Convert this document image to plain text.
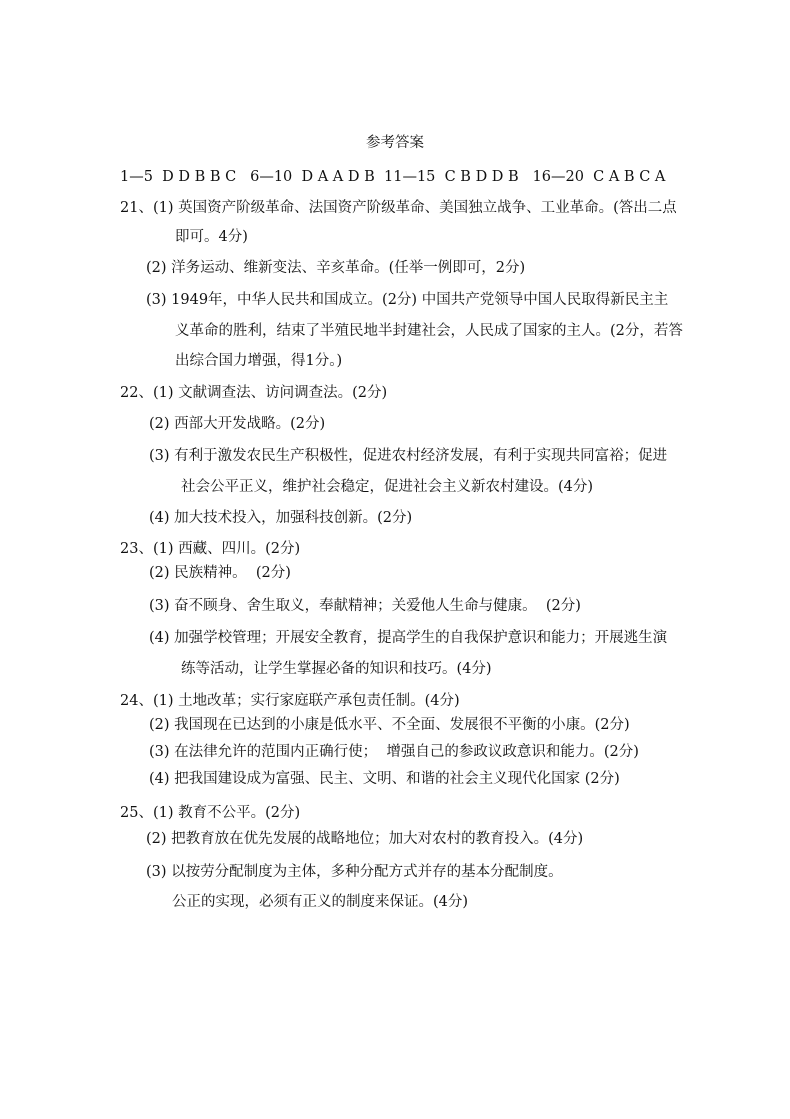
参考答案
1—5  D D B B C   6—10  D A A D B  11—15  C B D D B   16—20  C A B C A
21、(1) 英国资产阶级革命、法国资产阶级革命、美国独立战争、工业革命。(答出二点
即可。4分)
(2) 洋务运动、维新变法、辛亥革命。(任举一例即可，2分)
(3) 1949年，中华人民共和国成立。(2分) 中国共产党领导中国人民取得新民主主
义革命的胜利，结束了半殖民地半封建社会，人民成了国家的主人。(2分，若答
出综合国力增强，得1分。)
22、(1) 文献调查法、访问调查法。(2分)
(2) 西部大开发战略。(2分)
(3) 有利于激发农民生产积极性，促进农村经济发展，有利于实现共同富裕；促进
社会公平正义，维护社会稳定，促进社会主义新农村建设。(4分)
(4) 加大技术投入，加强科技创新。(2分)
23、(1) 西藏、四川。(2分)
(2) 民族精神。  (2分)
(3) 奋不顾身、舍生取义，奉献精神；关爱他人生命与健康。  (2分)
(4) 加强学校管理；开展安全教育，提高学生的自我保护意识和能力；开展逃生演
练等活动，让学生掌握必备的知识和技巧。(4分)
24、(1) 土地改革；实行家庭联产承包责任制。(4分)
(2) 我国现在已达到的小康是低水平、不全面、发展很不平衡的小康。(2分)
(3) 在法律允许的范围内正确行使；  增强自己的参政议政意识和能力。(2分)
(4) 把我国建设成为富强、民主、文明、和谐的社会主义现代化国家 (2分)
25、(1) 教育不公平。(2分)
(2) 把教育放在优先发展的战略地位；加大对农村的教育投入。(4分)
(3) 以按劳分配制度为主体，多种分配方式并存的基本分配制度。
公正的实现，必须有正义的制度来保证。(4分)
